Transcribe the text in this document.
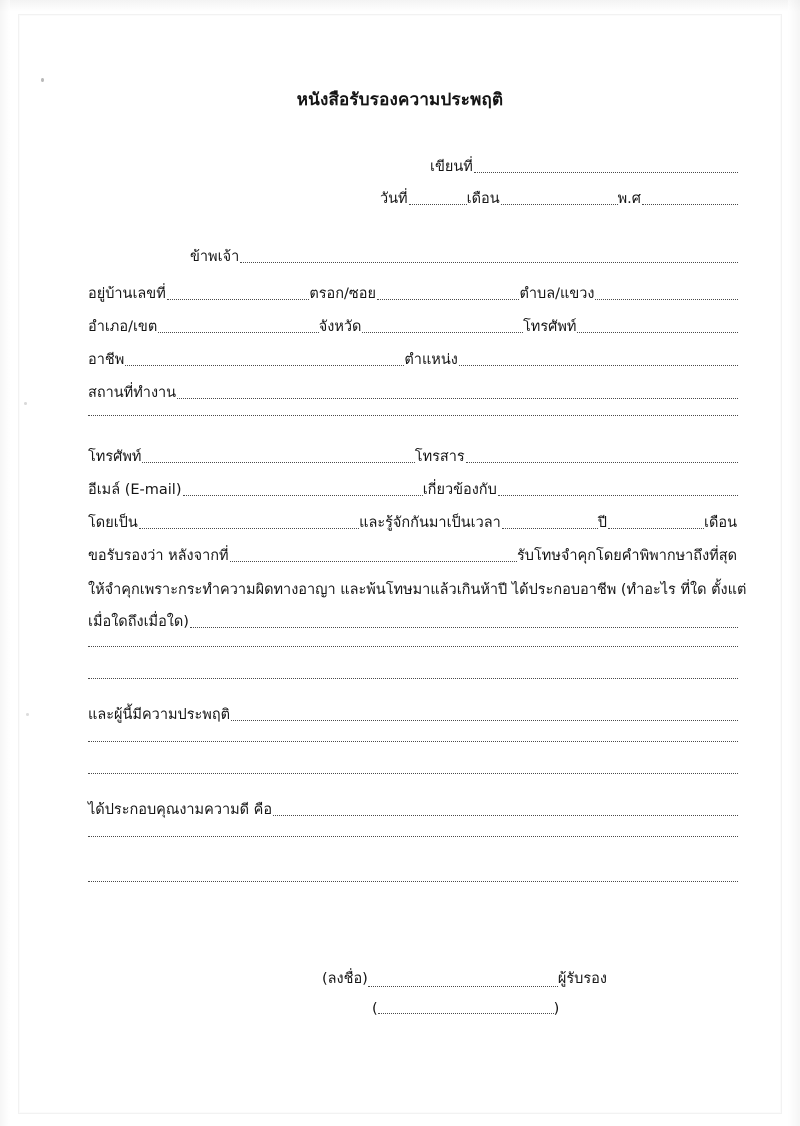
หนังสือรับรองความประพฤติ
เขียนที่
วันที่	เดือน	พ.ศ
ข้าพเจ้า
อยู่บ้านเลขที่	ตรอก/ซอย	ตำบล/แขวง
อำเภอ/เขต	จังหวัด	โทรศัพท์
อาชีพ	ตำแหน่ง
สถานที่ทำงาน
โทรศัพท์	โทรสาร
อีเมล์ (E-mail)	เกี่ยวข้องกับ
โดยเป็น	และรู้จักกันมาเป็นเวลา	ปี	เดือน
ขอรับรองว่า หลังจากที่	รับโทษจำคุกโดยคำพิพากษาถึงที่สุด
ให้จำคุกเพราะกระทำความผิดทางอาญา และพ้นโทษมาแล้วเกินห้าปี ได้ประกอบอาชีพ (ทำอะไร ที่ใด ตั้งแต่
เมื่อใดถึงเมื่อใด)
และผู้นี้มีความประพฤติ
ได้ประกอบคุณงามความดี คือ
(ลงชื่อ)	ผู้รับรอง
(	)
